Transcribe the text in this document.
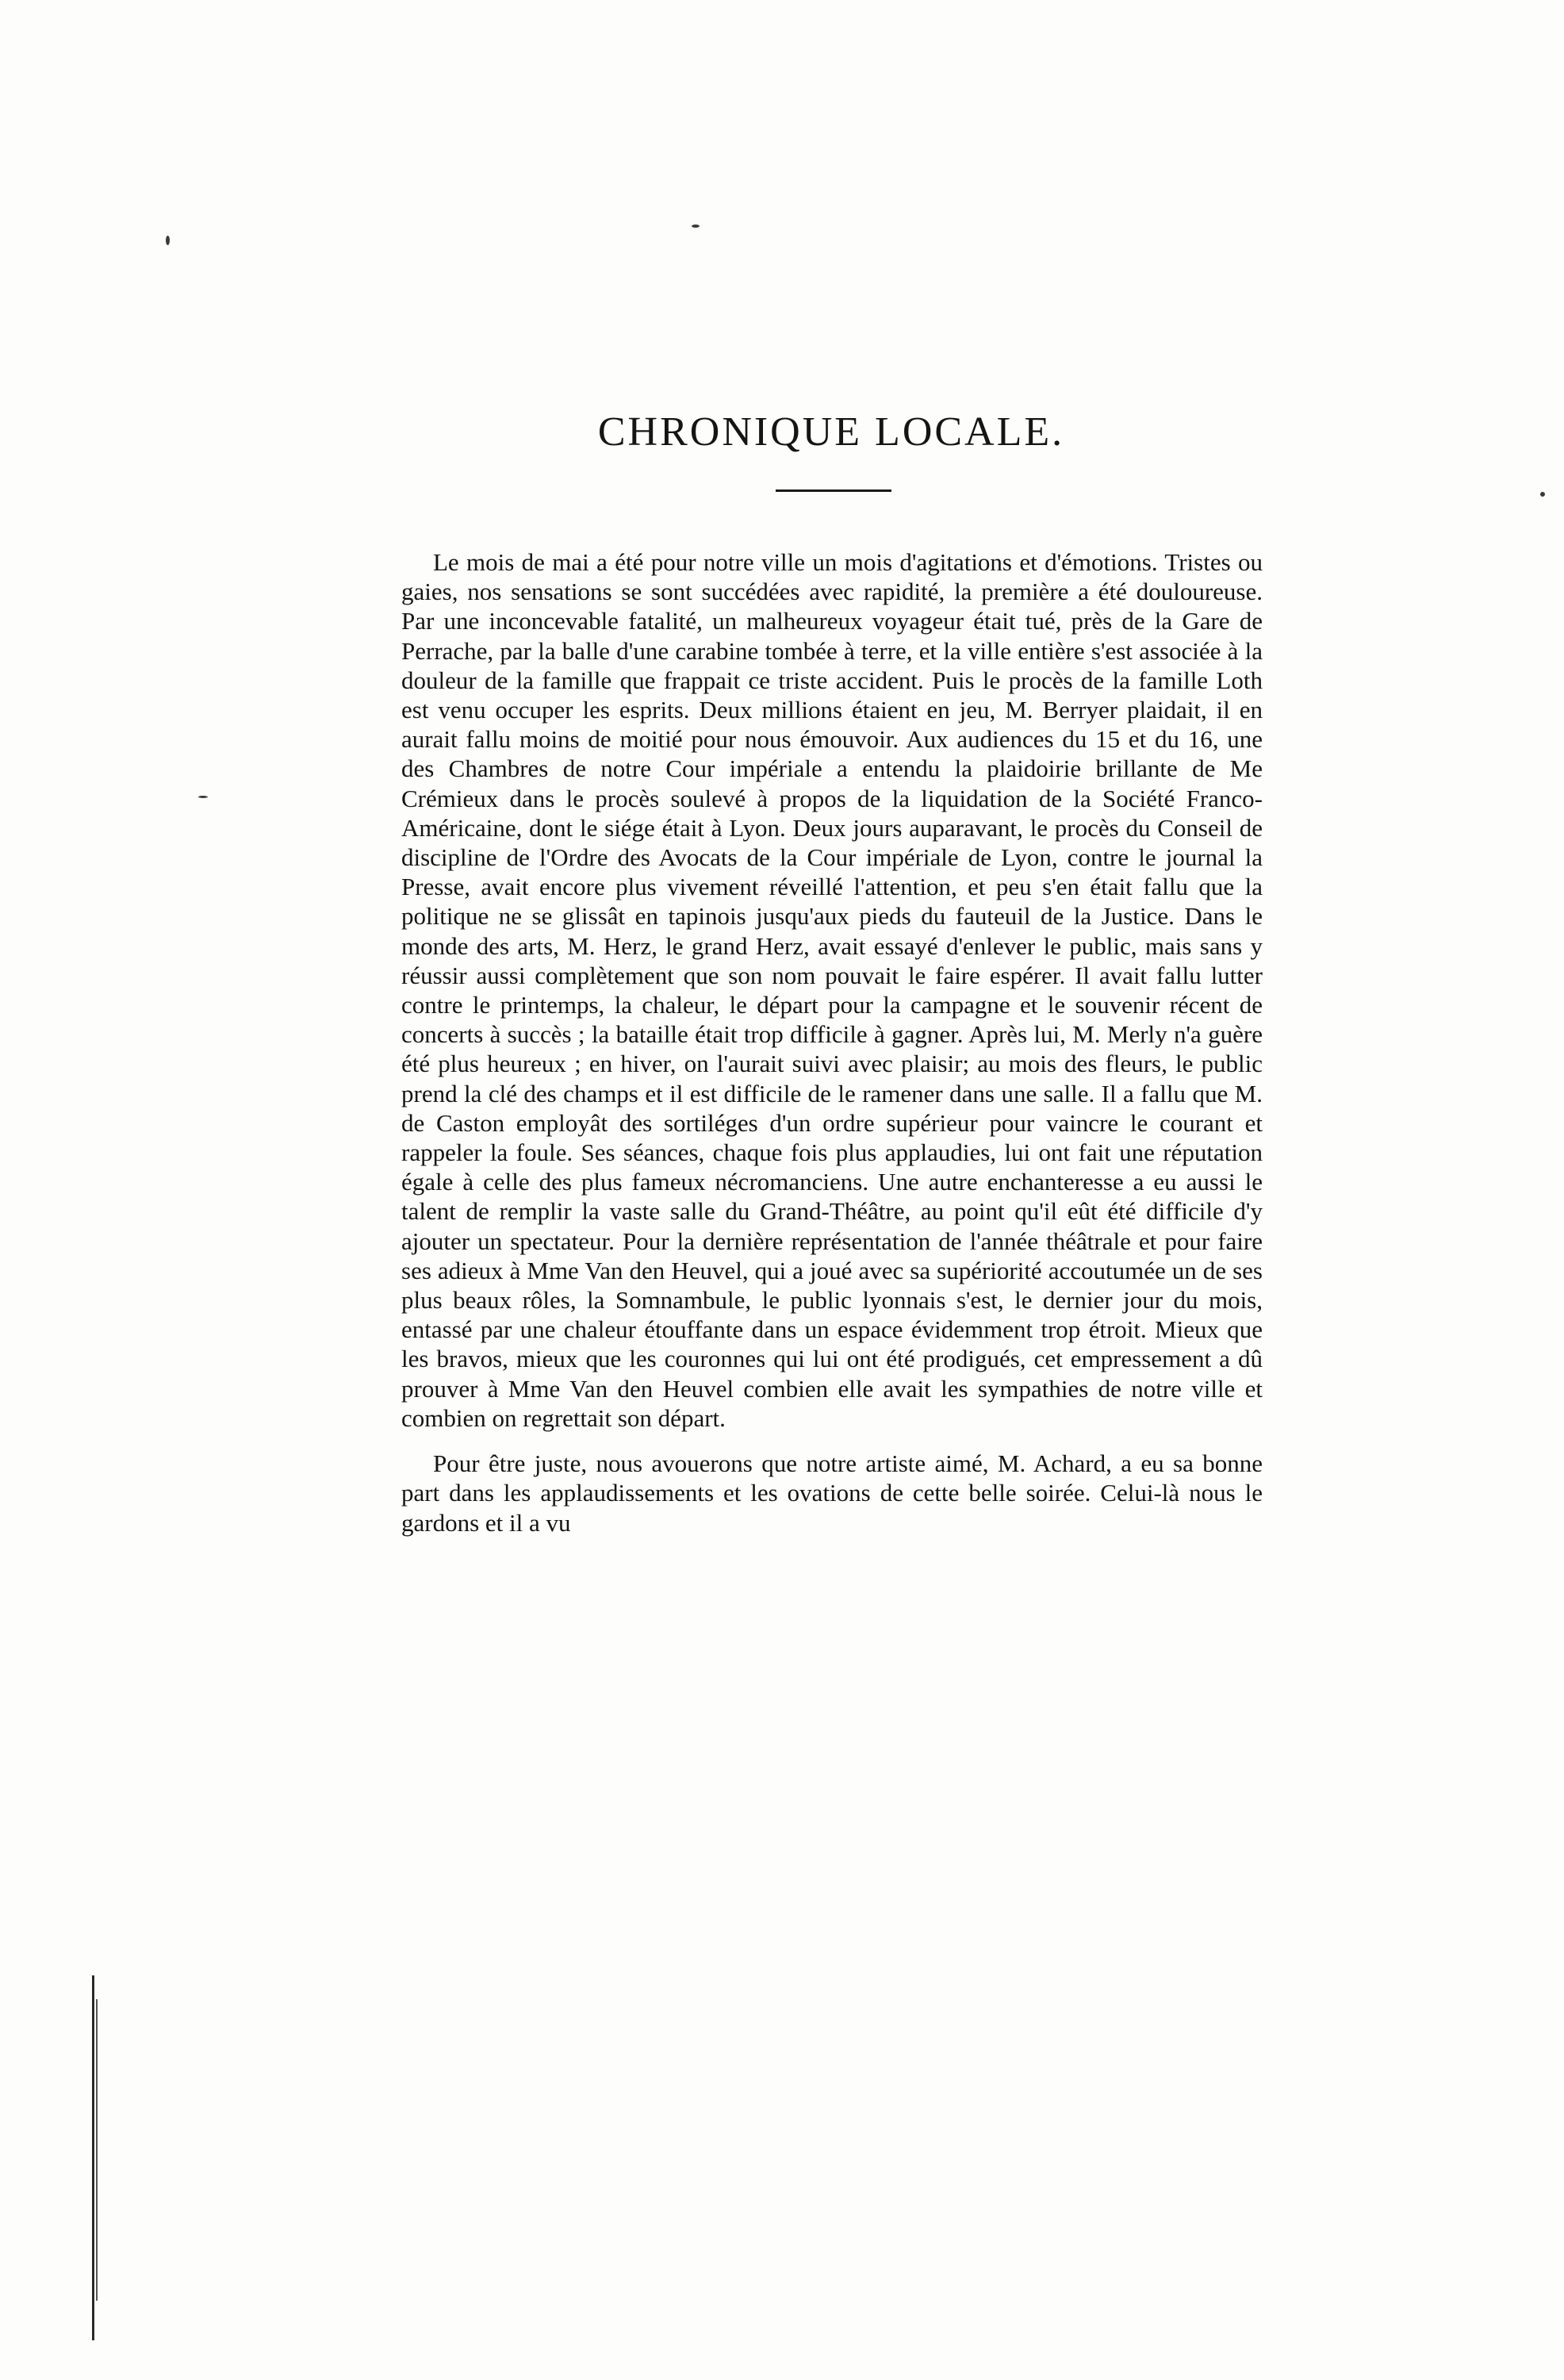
CHRONIQUE LOCALE.

Le mois de mai a été pour notre ville un mois d'agitations et d'émotions. Tristes ou gaies, nos sensations se sont succédées avec rapidité, la première a été douloureuse. Par une inconcevable fatalité, un malheureux voyageur était tué, près de la Gare de Perrache, par la balle d'une carabine tombée à terre, et la ville entière s'est associée à la douleur de la famille que frappait ce triste accident. Puis le procès de la famille Loth est venu occuper les esprits. Deux millions étaient en jeu, M. Berryer plaidait, il en aurait fallu moins de moitié pour nous émouvoir. Aux audiences du 15 et du 16, une des Chambres de notre Cour impériale a entendu la plaidoirie brillante de Me Crémieux dans le procès soulevé à propos de la liquidation de la Société Franco-Américaine, dont le siége était à Lyon. Deux jours auparavant, le procès du Conseil de discipline de l'Ordre des Avocats de la Cour impériale de Lyon, contre le journal la Presse, avait encore plus vivement réveillé l'attention, et peu s'en était fallu que la politique ne se glissât en tapinois jusqu'aux pieds du fauteuil de la Justice. Dans le monde des arts, M. Herz, le grand Herz, avait essayé d'enlever le public, mais sans y réussir aussi complètement que son nom pouvait le faire espérer. Il avait fallu lutter contre le printemps, la chaleur, le départ pour la campagne et le souvenir récent de concerts à succès ; la bataille était trop difficile à gagner. Après lui, M. Merly n'a guère été plus heureux ; en hiver, on l'aurait suivi avec plaisir; au mois des fleurs, le public prend la clé des champs et il est difficile de le ramener dans une salle. Il a fallu que M. de Caston employât des sortiléges d'un ordre supérieur pour vaincre le courant et rappeler la foule. Ses séances, chaque fois plus applaudies, lui ont fait une réputation égale à celle des plus fameux nécromanciens. Une autre enchanteresse a eu aussi le talent de remplir la vaste salle du Grand-Théâtre, au point qu'il eût été difficile d'y ajouter un spectateur. Pour la dernière représentation de l'année théâtrale et pour faire ses adieux à Mme Van den Heuvel, qui a joué avec sa supériorité accoutumée un de ses plus beaux rôles, la Somnambule, le public lyonnais s'est, le dernier jour du mois, entassé par une chaleur étouffante dans un espace évidemment trop étroit. Mieux que les bravos, mieux que les couronnes qui lui ont été prodigués, cet empressement a dû prouver à Mme Van den Heuvel combien elle avait les sympathies de notre ville et combien on regrettait son départ.

Pour être juste, nous avouerons que notre artiste aimé, M. Achard, a eu sa bonne part dans les applaudissements et les ovations de cette belle soirée. Celui-là nous le gardons et il a vu
